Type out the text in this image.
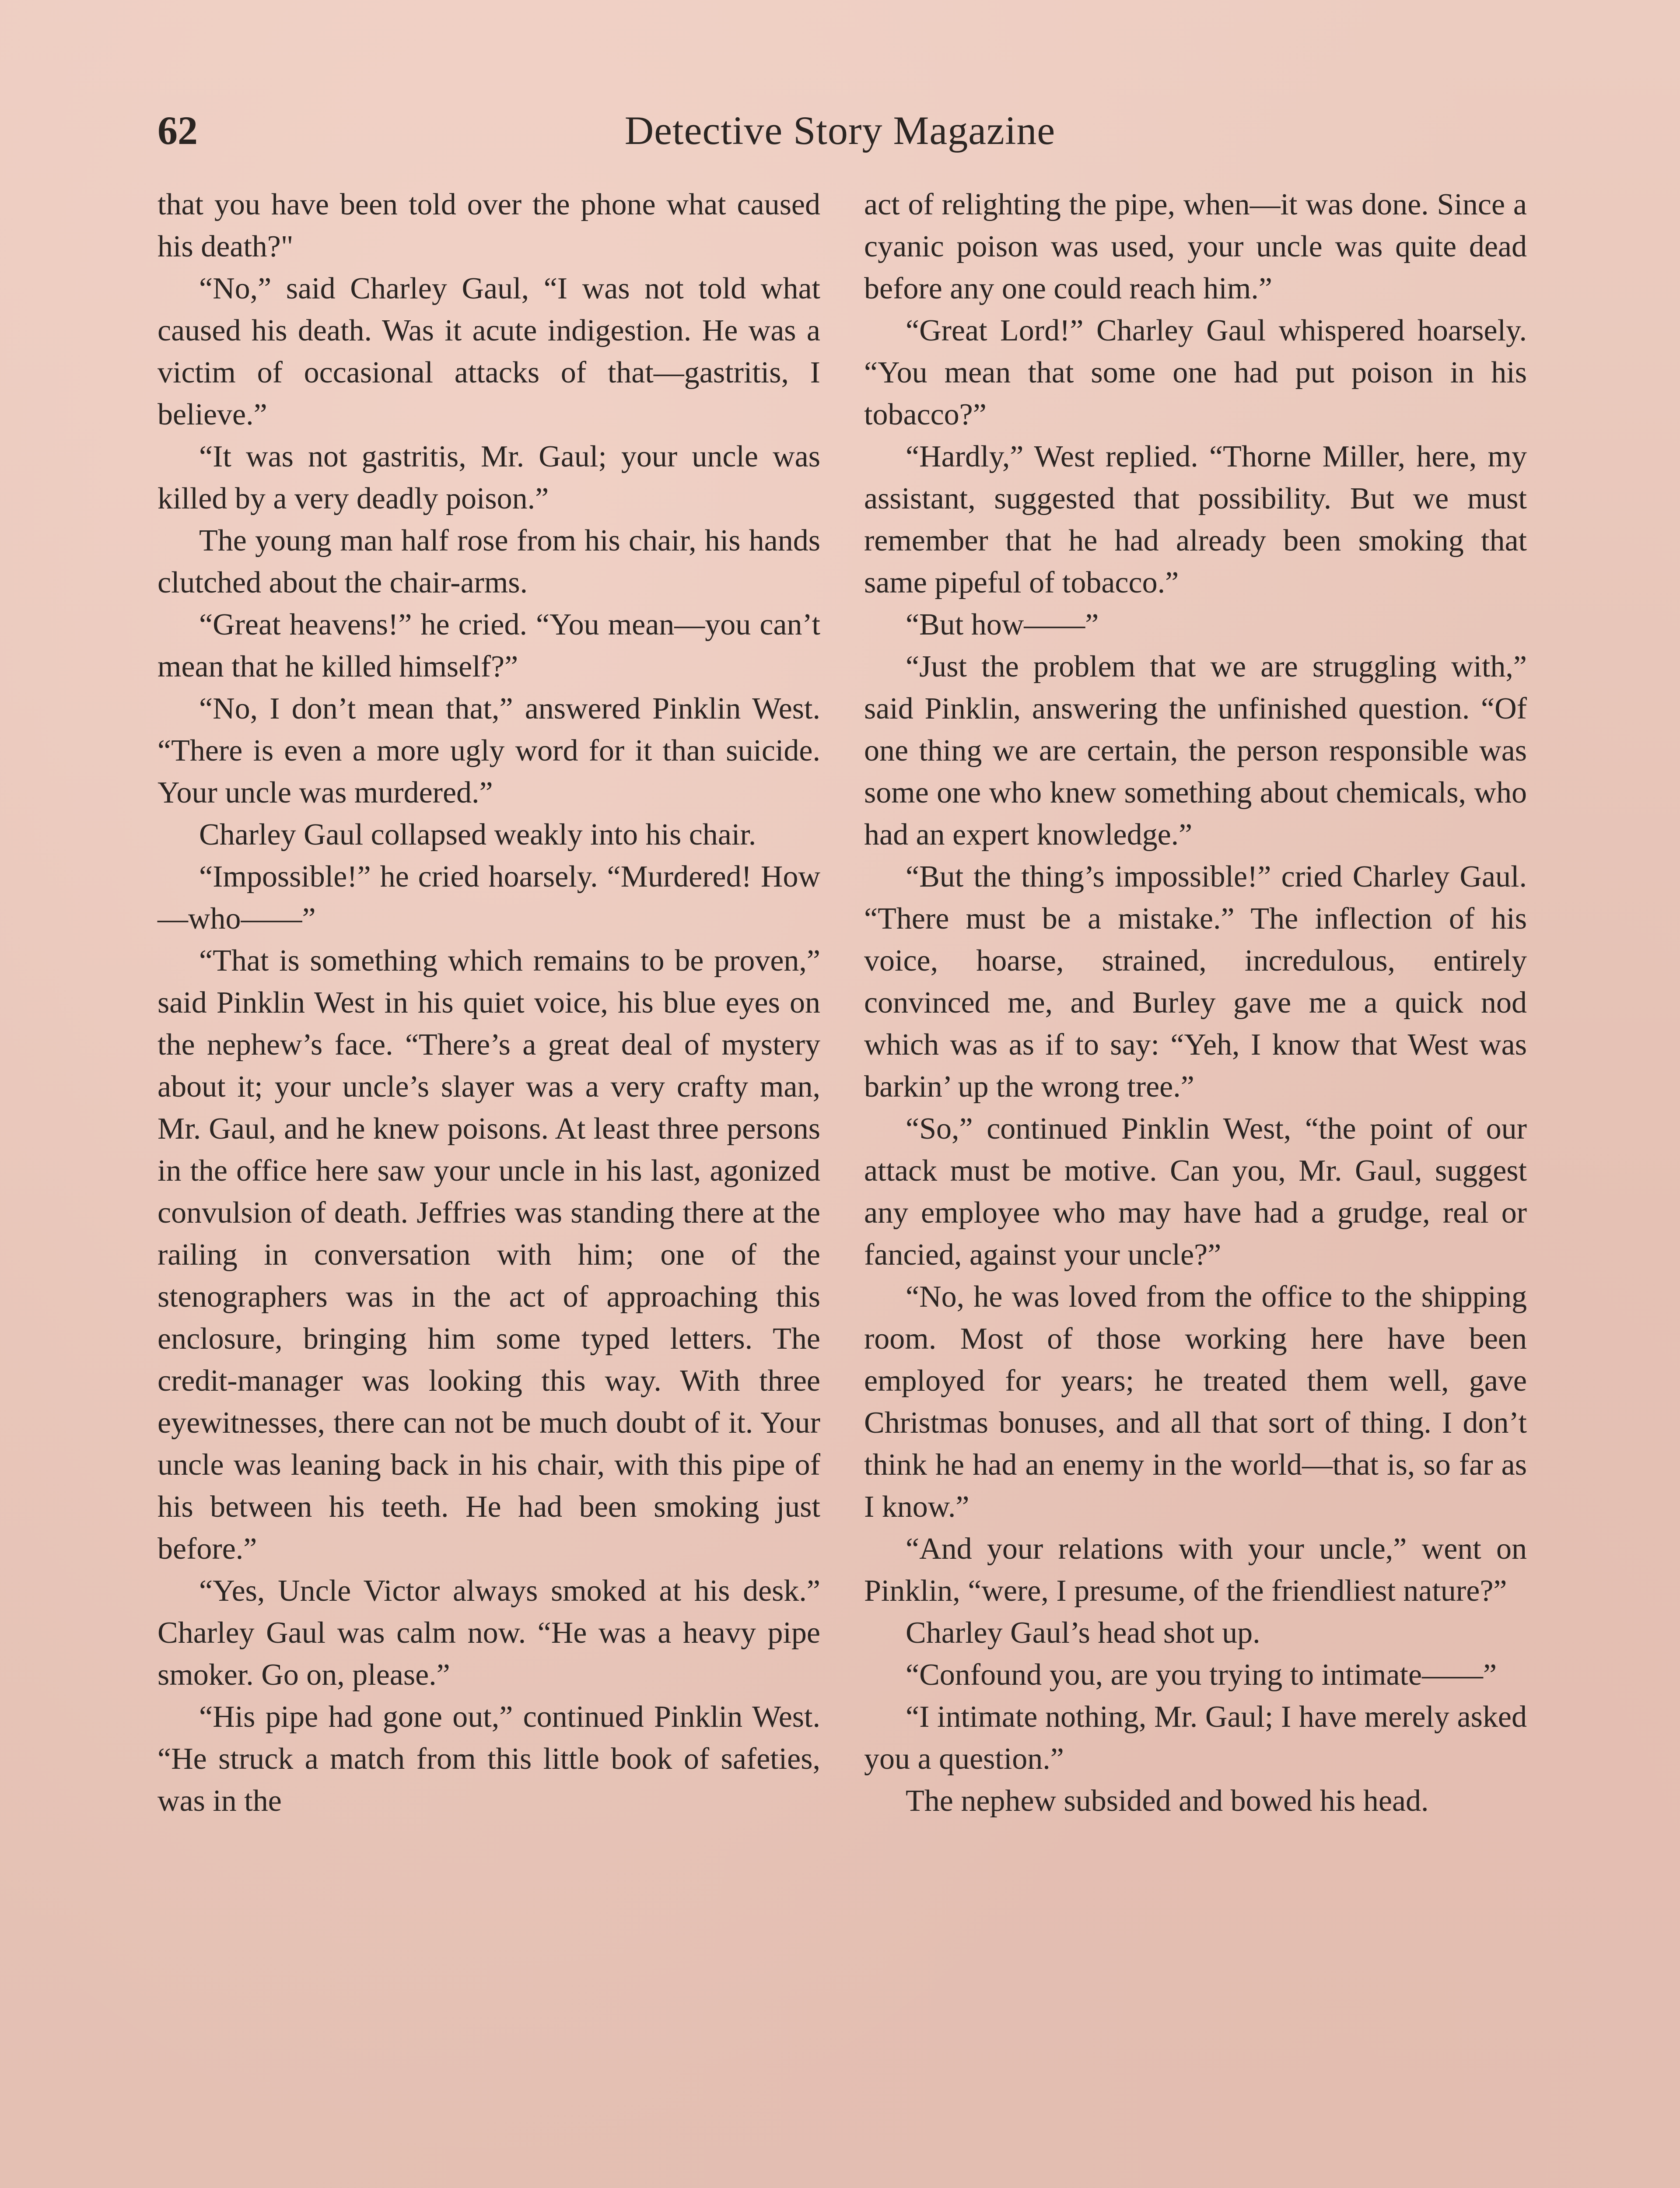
62	Detective Story Magazine

that you have been told over the phone what caused his death?"

“No,” said Charley Gaul, “I was not told what caused his death. Was it acute indigestion. He was a victim of occasional attacks of that—gastritis, I believe.”

“It was not gastritis, Mr. Gaul; your uncle was killed by a very deadly poison.”

The young man half rose from his chair, his hands clutched about the chair-arms.

“Great heavens!” he cried. “You mean—you can’t mean that he killed himself?”

“No, I don’t mean that,” answered Pinklin West. “There is even a more ugly word for it than suicide. Your uncle was murdered.”

Charley Gaul collapsed weakly into his chair.

“Impossible!” he cried hoarsely. “Murdered! How—who——”

“That is something which remains to be proven,” said Pinklin West in his quiet voice, his blue eyes on the nephew’s face. “There’s a great deal of mystery about it; your uncle’s slayer was a very crafty man, Mr. Gaul, and he knew poisons. At least three persons in the office here saw your uncle in his last, agonized convulsion of death. Jeffries was standing there at the railing in conversation with him; one of the stenographers was in the act of approaching this enclosure, bringing him some typed letters. The credit-manager was looking this way. With three eyewitnesses, there can not be much doubt of it. Your uncle was leaning back in his chair, with this pipe of his between his teeth. He had been smoking just before.”

“Yes, Uncle Victor always smoked at his desk.” Charley Gaul was calm now. “He was a heavy pipe smoker. Go on, please.”

“His pipe had gone out,” continued Pinklin West. “He struck a match from this little book of safeties, was in the

act of relighting the pipe, when—it was done. Since a cyanic poison was used, your uncle was quite dead before any one could reach him.”

“Great Lord!” Charley Gaul whispered hoarsely. “You mean that some one had put poison in his tobacco?”

“Hardly,” West replied. “Thorne Miller, here, my assistant, suggested that possibility. But we must remember that he had already been smoking that same pipeful of tobacco.”

“But how——”

“Just the problem that we are struggling with,” said Pinklin, answering the unfinished question. “Of one thing we are certain, the person responsible was some one who knew something about chemicals, who had an expert knowledge.”

“But the thing’s impossible!” cried Charley Gaul. “There must be a mistake.” The inflection of his voice, hoarse, strained, incredulous, entirely convinced me, and Burley gave me a quick nod which was as if to say: “Yeh, I know that West was barkin’ up the wrong tree.”

“So,” continued Pinklin West, “the point of our attack must be motive. Can you, Mr. Gaul, suggest any employee who may have had a grudge, real or fancied, against your uncle?”

“No, he was loved from the office to the shipping room. Most of those working here have been employed for years; he treated them well, gave Christmas bonuses, and all that sort of thing. I don’t think he had an enemy in the world—that is, so far as I know.”

“And your relations with your uncle,” went on Pinklin, “were, I presume, of the friendliest nature?”

Charley Gaul’s head shot up.

“Confound you, are you trying to intimate——”

“I intimate nothing, Mr. Gaul; I have merely asked you a question.”

The nephew subsided and bowed his head.
